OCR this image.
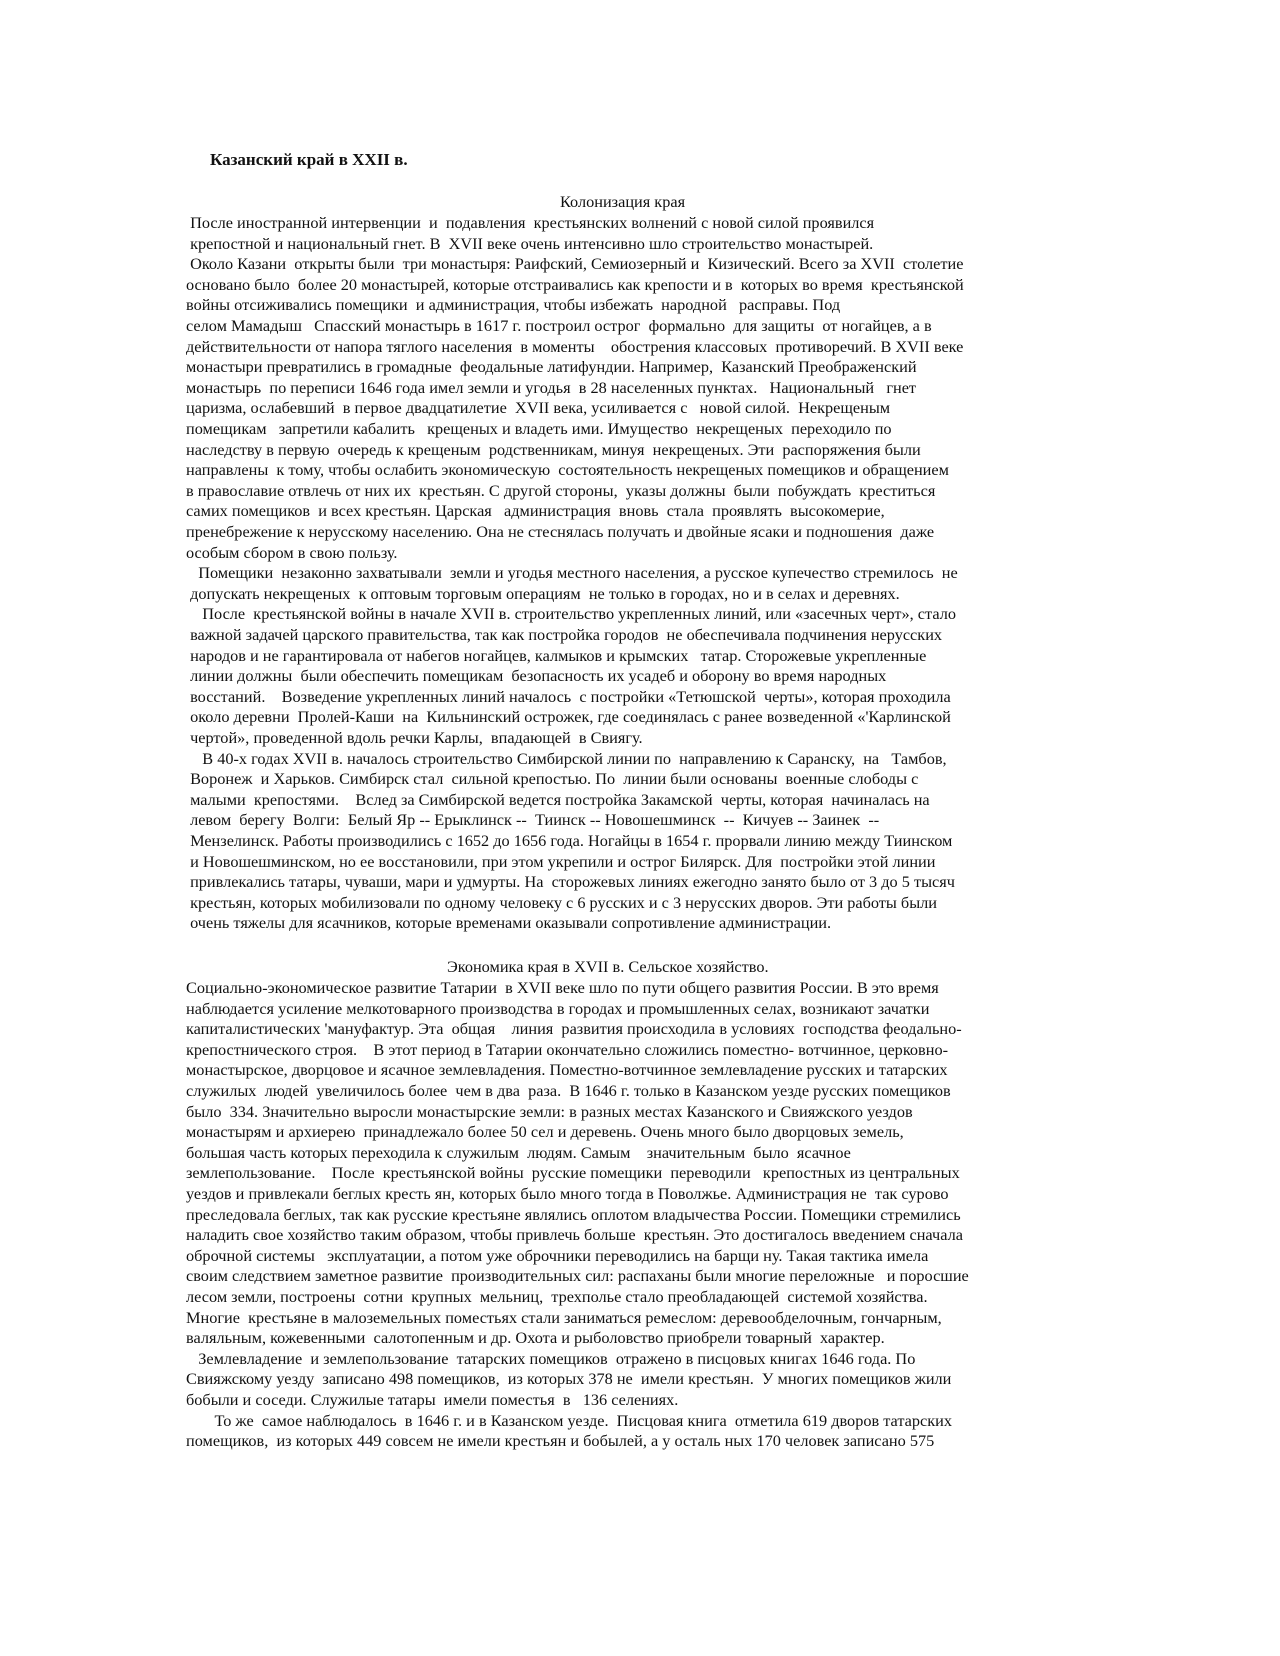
Казанский край в XXII в.
Колонизация края
После иностранной интервенции  и  подавления  крестьянских волнений с новой силой проявился
крепостной и национальный гнет. В  XVII веке очень интенсивно шло строительство монастырей.
Около Казани  открыты были  три монастыря: Раифский, Семиозерный и  Кизический. Всего за XVII  столетие
основано было  более 20 монастырей, которые отстраивались как крепости и в  которых во время  крестьянской
войны отсиживались помещики  и администрация, чтобы избежать  народной   расправы. Под
селом Мамадыш   Спасский монастырь в 1617 г. построил острог  формально  для защиты  от ногайцев, а в
действительности от напора тяглого населения  в моменты    обострения классовых  противоречий. В XVII веке
монастыри превратились в громадные  феодальные латифундии. Например,  Казанский Преображенский
монастырь  по переписи 1646 года имел земли и угодья  в 28 населенных пунктах.   Национальный   гнет
царизма, ослабевший  в первое двадцатилетие  XVII века, усиливается с   новой силой.  Некрещеным
помещикам   запретили кабалить   крещеных и владеть ими. Имущество  некрещеных  переходило по
наследству в первую  очередь к крещеным  родственникам, минуя  некрещеных. Эти  распоряжения были
направлены  к тому, чтобы ослабить экономическую  состоятельность некрещеных помещиков и обращением
в православие отвлечь от них их  крестьян. С другой стороны,  указы должны  были  побуждать  креститься
самих помещиков  и всех крестьян. Царская   администрация  вновь  стала  проявлять  высокомерие,
пренебрежение к нерусскому населению. Она не стеснялась получать и двойные ясаки и подношения  даже
особым сбором в свою пользу.
Помещики  незаконно захватывали  земли и угодья местного населения, а русское купечество стремилось  не
допускать некрещеных  к оптовым торговым операциям  не только в городах, но и в селах и деревнях.
После  крестьянской войны в начале XVII в. строительство укрепленных линий, или «засечных черт», стало
важной задачей царского правительства, так как постройка городов  не обеспечивала подчинения нерусских
народов и не гарантировала от набегов ногайцев, калмыков и крымских   татар. Сторожевые укрепленные
линии должны  были обеспечить помещикам  безопасность их усадеб и оборону во время народных
восстаний.    Возведение укрепленных линий началось  с постройки «Тетюшской  черты», которая проходила
около деревни  Пролей-Каши  на  Кильнинский острожек, где соединялась с ранее возведенной «'Карлинской
чертой», проведенной вдоль речки Карлы,  впадающей  в Свиягу.
В 40-х годах XVII в. началось строительство Симбирской линии по  направлению к Саранску,  на   Тамбов,
Воронеж  и Харьков. Симбирск стал  сильной крепостью. По  линии были основаны  военные слободы с
малыми  крепостями.    Вслед за Симбирской ведется постройка Закамской  черты, которая  начиналась на
левом  берегу  Волги:  Белый Яр -- Ерыклинск --  Тиинск -- Новошешминск  --  Кичуев -- Заинек  --
Мензелинск. Работы производились с 1652 до 1656 года. Ногайцы в 1654 г. прорвали линию между Тиинском
и Новошешминском, но ее восстановили, при этом укрепили и острог Билярск. Для  постройки этой линии
привлекались татары, чуваши, мари и удмурты. На  сторожевых линиях ежегодно занято было от 3 до 5 тысяч
крестьян, которых мобилизовали по одному человеку с 6 русских и с 3 нерусских дворов. Эти работы были
очень тяжелы для ясачников, которые временами оказывали сопротивление администрации.
Экономика края в XVII в. Сельское хозяйство.
Социально-экономическое развитие Татарии  в XVII веке шло по пути общего развития России. В это время
наблюдается усиление мелкотоварного производства в городах и промышленных селах, возникают зачатки
капиталистических 'мануфактур. Эта  общая    линия  развития происходила в условиях  господства феодально-
крепостнического строя.    В этот период в Татарии окончательно сложились поместно- вотчинное, церковно-
монастырское, дворцовое и ясачное землевладения. Поместно-вотчинное землевладение русских и татарских
служилых  людей  увеличилось более  чем в два  раза.  В 1646 г. только в Казанском уезде русских помещиков
было  334. Значительно выросли монастырские земли: в разных местах Казанского и Свияжского уездов
монастырям и архиерею  принадлежало более 50 сел и деревень. Очень много было дворцовых земель,
большая часть которых переходила к служилым  людям. Самым    значительным  было  ясачное
землепользование.    После  крестьянской войны  русские помещики  переводили   крепостных из центральных
уездов и привлекали беглых кресть ян, которых было много тогда в Поволжье. Администрация не  так сурово
преследовала беглых, так как русские крестьяне являлись оплотом владычества России. Помещики стремились
наладить свое хозяйство таким образом, чтобы привлечь больше  крестьян. Это достигалось введением сначала
оброчной системы   эксплуатации, а потом уже оброчники переводились на барщи ну. Такая тактика имела
своим следствием заметное развитие  производительных сил: распаханы были многие переложные   и поросшие
лесом земли, построены  сотни  крупных  мельниц,  трехполье стало преобладающей  системой хозяйства.
Многие  крестьяне в малоземельных поместьях стали заниматься ремеслом: деревообделочным, гончарным,
валяльным, кожевенными  салотопенным и др. Охота и рыболовство приобрели товарный  характер.
Землевладение  и землепользование  татарских помещиков  отражено в писцовых книгах 1646 года. По
Свияжскому уезду  записано 498 помещиков,  из которых 378 не  имели крестьян.  У многих помещиков жили
бобыли и соседи. Служилые татары  имели поместья  в   136 селениях.
То же  самое наблюдалось  в 1646 г. и в Казанском уезде.  Писцовая книга  отметила 619 дворов татарских
помещиков,  из которых 449 совсем не имели крестьян и бобылей, а у осталь ных 170 человек записано 575
